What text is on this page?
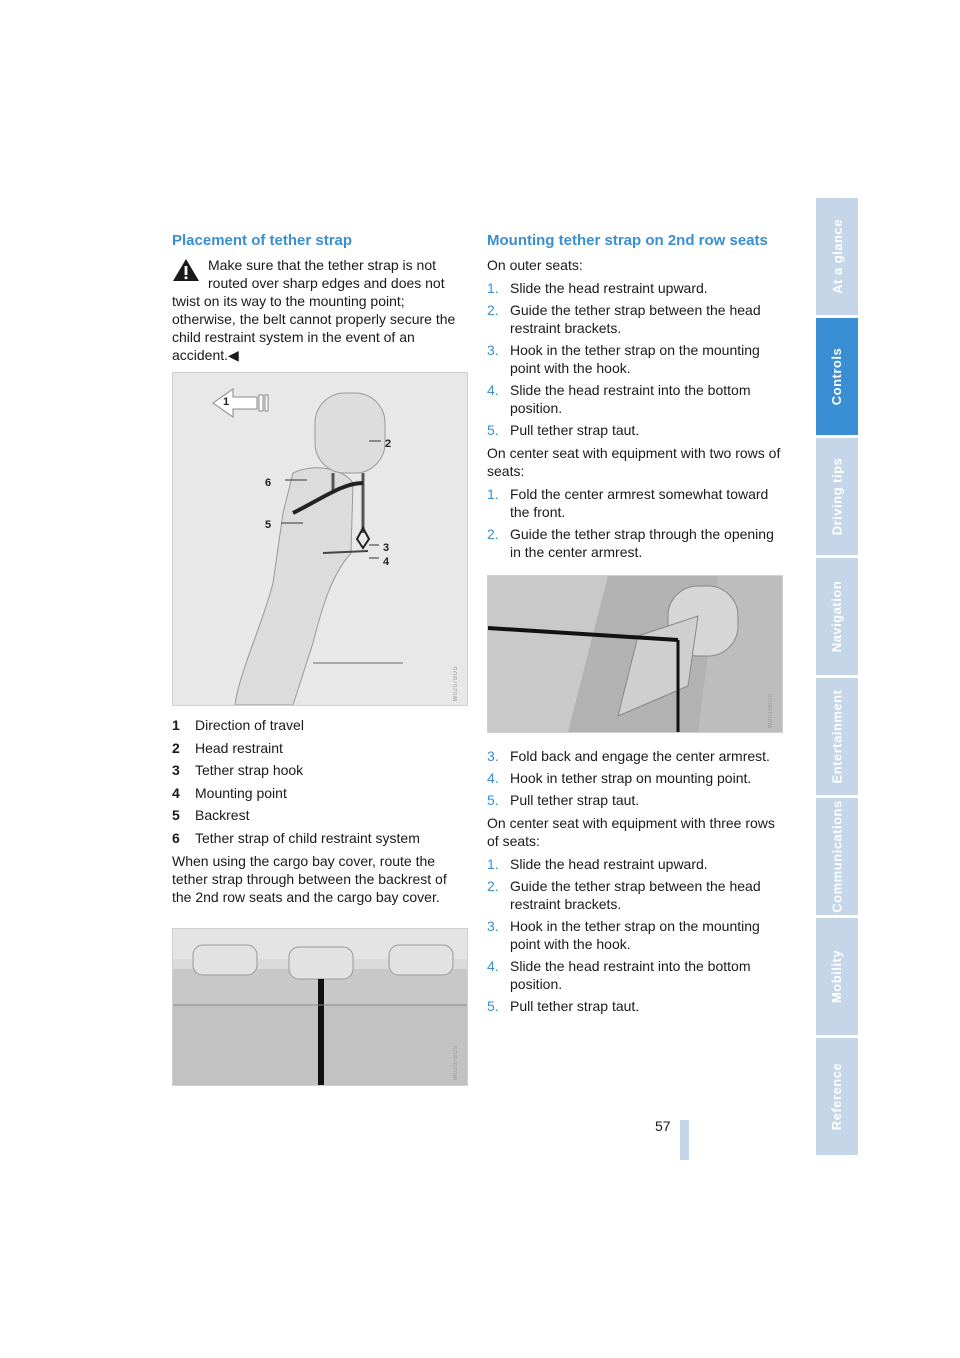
Placement of tether strap

Make sure that the tether strap is not routed over sharp edges and does not twist on its way to the mounting point; otherwise, the belt cannot properly secure the child restraint system in the event of an accident.◀

1
2
3
4
5
6
W0207BUS
1	Direction of travel
2	Head restraint
3	Tether strap hook
4	Mounting point
5	Backrest
6	Tether strap of child restraint system

When using the cargo bay cover, route the tether strap through between the backrest of the 2nd row seats and the cargo bay cover.

W0207BUS
Mounting tether strap on 2nd row seats

On outer seats:

1. Slide the head restraint upward.
2. Guide the tether strap between the head restraint brackets.
3. Hook in the tether strap on the mounting point with the hook.
4. Slide the head restraint into the bottom position.
5. Pull tether strap taut.

On center seat with equipment with two rows of seats:

1. Fold the center armrest somewhat toward the front.
2. Guide the tether strap through the opening in the center armrest.
W0810BUS
3. Fold back and engage the center armrest.
4. Hook in tether strap on mounting point.
5. Pull tether strap taut.

On center seat with equipment with three rows of seats:

1. Slide the head restraint upward.
2. Guide the tether strap between the head restraint brackets.
3. Hook in the tether strap on the mounting point with the hook.
4. Slide the head restraint into the bottom position.
5. Pull tether strap taut.
At a glance
Controls
Driving tips
Navigation
Entertainment
Communications
Mobility
Reference
57
